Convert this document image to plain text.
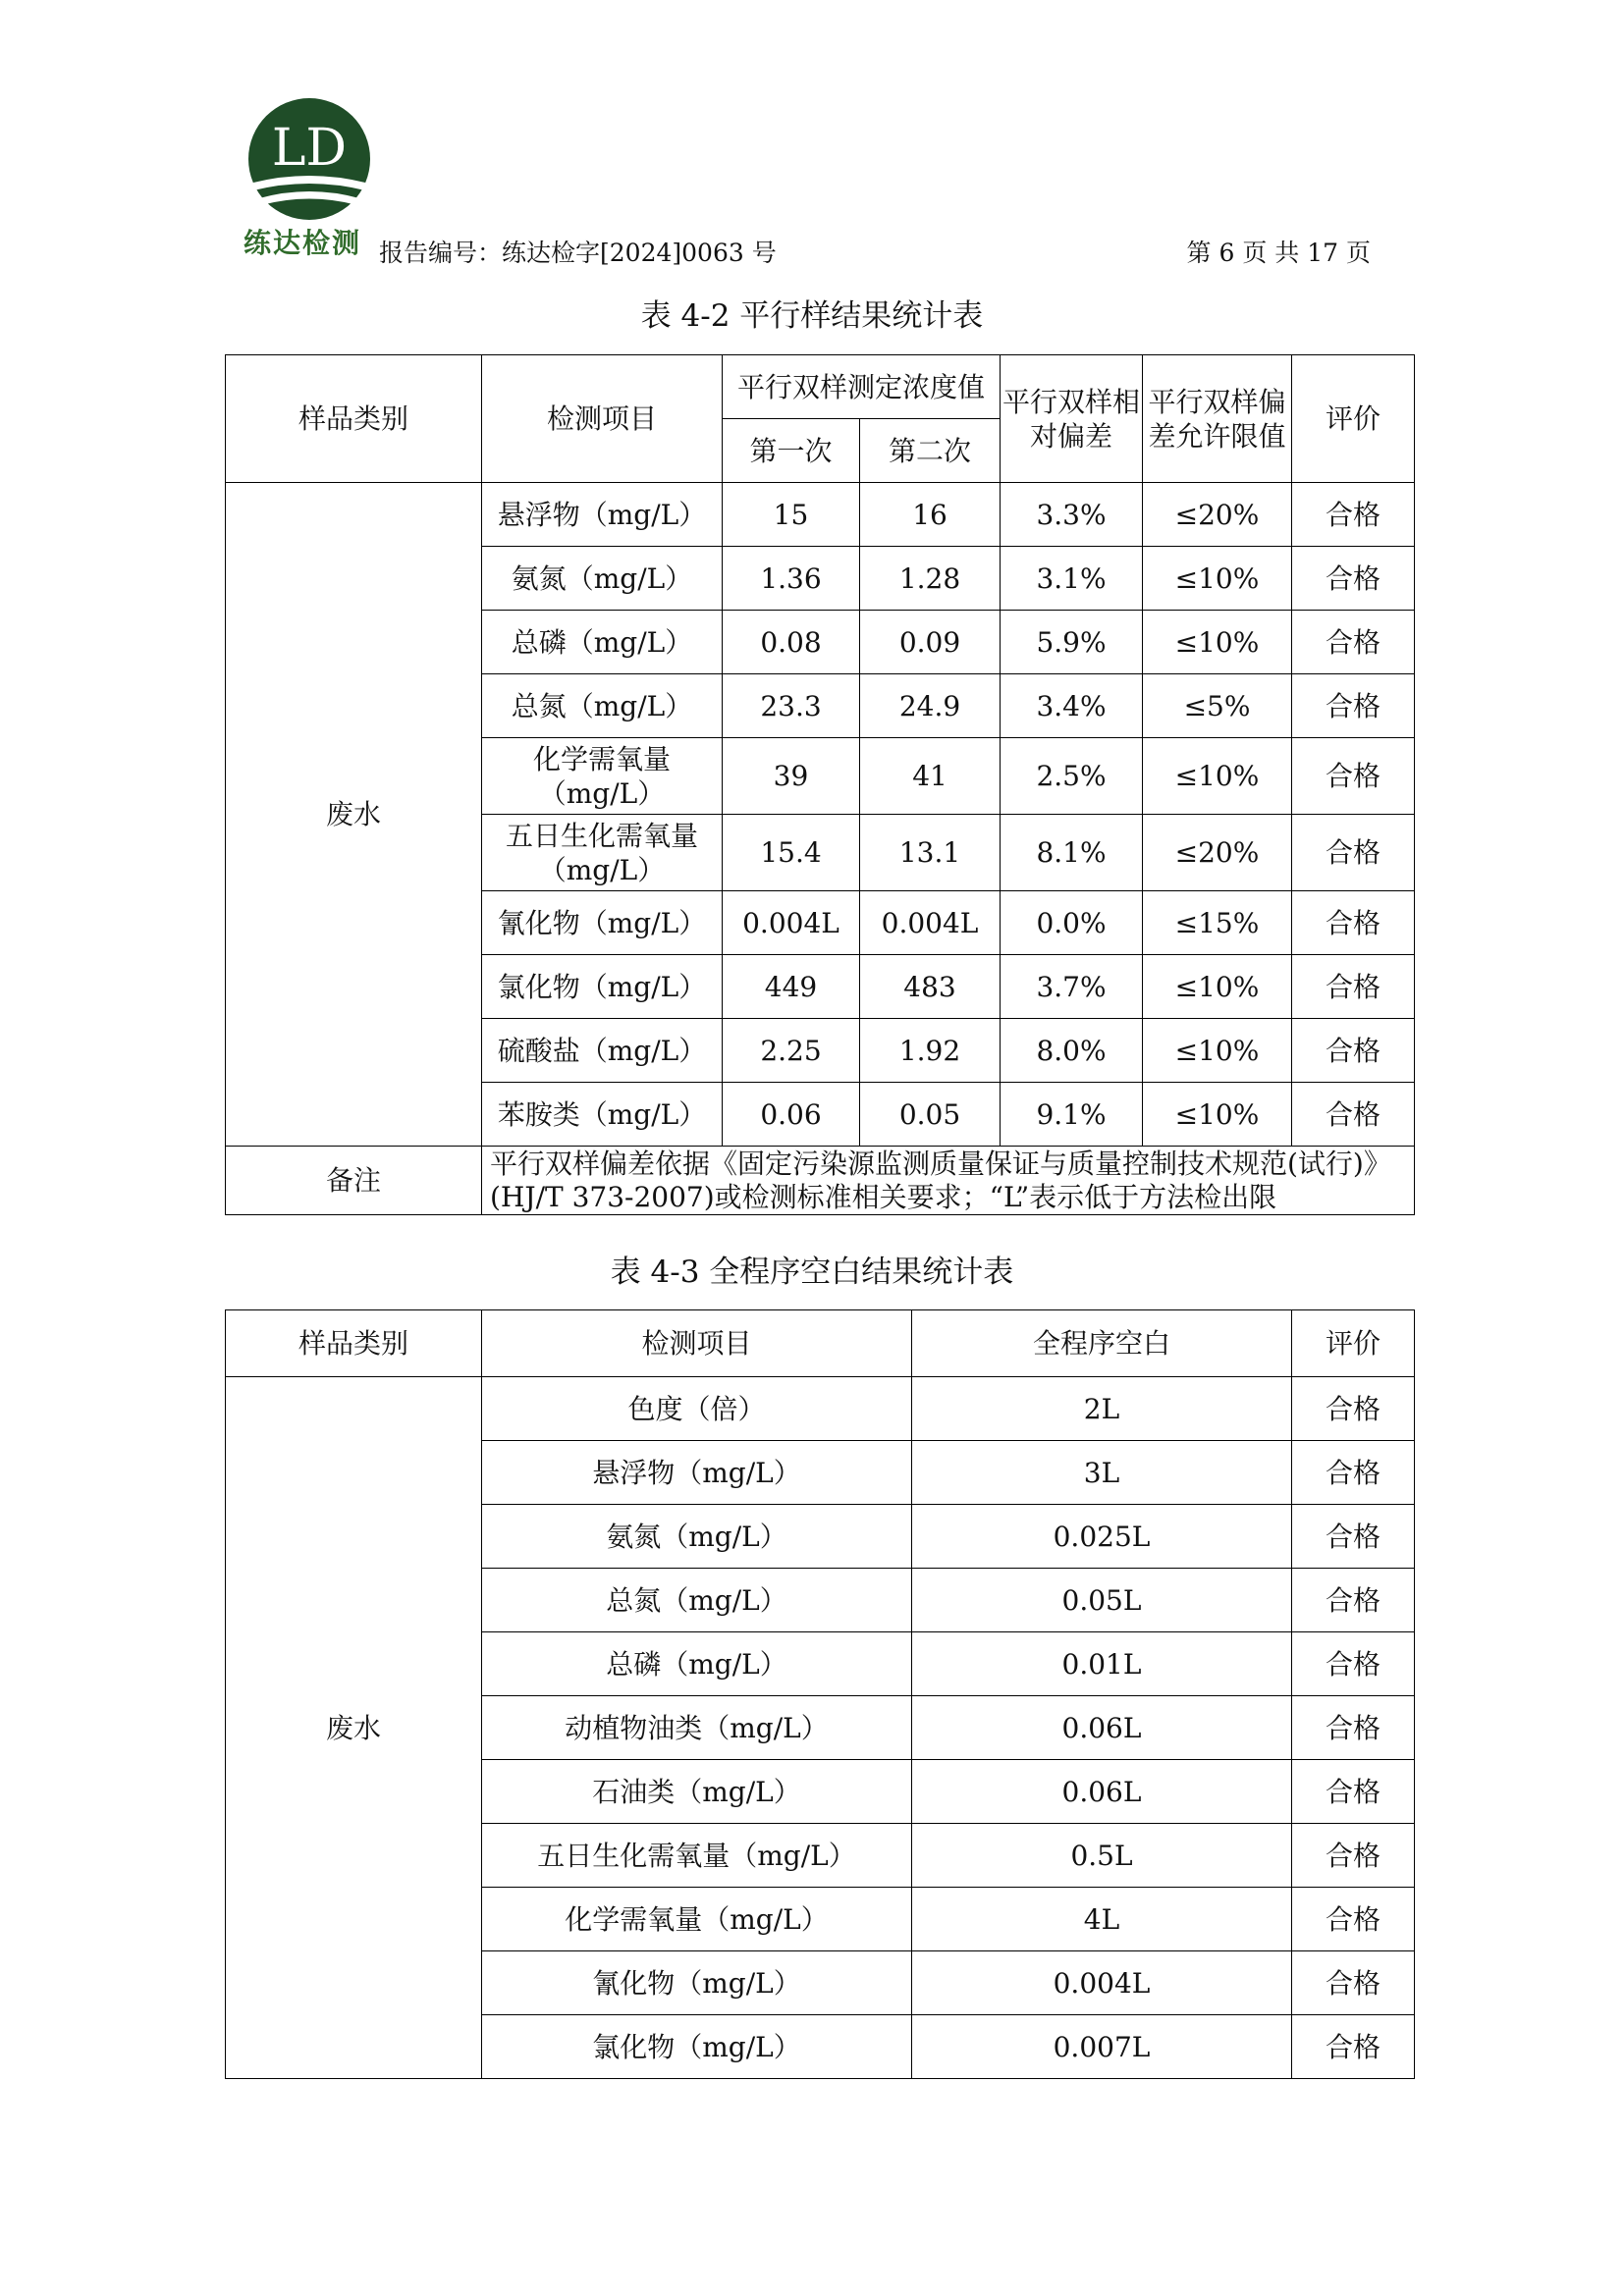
LD
练达检测 报告编号：练达检字[2024]0063 号	第 6 页 共 17 页
表 4-2 平行样结果统计表
样品类别	检测项目	平行双样测定浓度值		平行双样相对偏差	平行双样偏差允许限值	评价
		第一次	第二次			
废水	悬浮物（mg/L）	15	16	3.3%	≤20%	合格
	氨氮（mg/L）	1.36	1.28	3.1%	≤10%	合格
	总磷（mg/L）	0.08	0.09	5.9%	≤10%	合格
	总氮（mg/L）	23.3	24.9	3.4%	≤5%	合格
	化学需氧量（mg/L）	39	41	2.5%	≤10%	合格
	五日生化需氧量（mg/L）	15.4	13.1	8.1%	≤20%	合格
	氰化物（mg/L）	0.004L	0.004L	0.0%	≤15%	合格
	氯化物（mg/L）	449	483	3.7%	≤10%	合格
	硫酸盐（mg/L）	2.25	1.92	8.0%	≤10%	合格
	苯胺类（mg/L）	0.06	0.05	9.1%	≤10%	合格
备注	平行双样偏差依据《固定污染源监测质量保证与质量控制技术规范(试行)》(HJ/T 373-2007)或检测标准相关要求；“L”表示低于方法检出限					
表 4-3 全程序空白结果统计表
样品类别	检测项目	全程序空白	评价
废水	色度（倍）	2L	合格
	悬浮物（mg/L）	3L	合格
	氨氮（mg/L）	0.025L	合格
	总氮（mg/L）	0.05L	合格
	总磷（mg/L）	0.01L	合格
	动植物油类（mg/L）	0.06L	合格
	石油类（mg/L）	0.06L	合格
	五日生化需氧量（mg/L）	0.5L	合格
	化学需氧量（mg/L）	4L	合格
	氰化物（mg/L）	0.004L	合格
	氯化物（mg/L）	0.007L	合格
